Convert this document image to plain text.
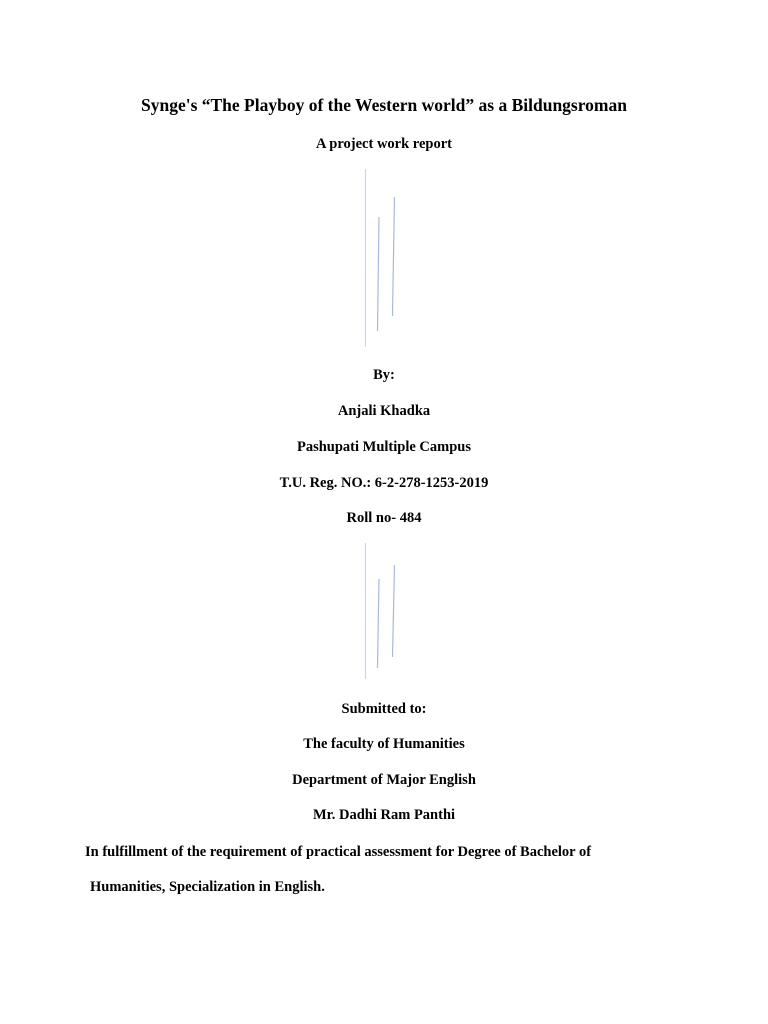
Synge's “The Playboy of the Western world” as a Bildungsroman
A project work report
By:
Anjali Khadka
Pashupati Multiple Campus
T.U. Reg. NO.: 6-2-278-1253-2019
Roll no- 484
Submitted to:
The faculty of Humanities
Department of Major English
Mr. Dadhi Ram Panthi
In fulfillment of the requirement of practical assessment for Degree of Bachelor of
Humanities, Specialization in English.
